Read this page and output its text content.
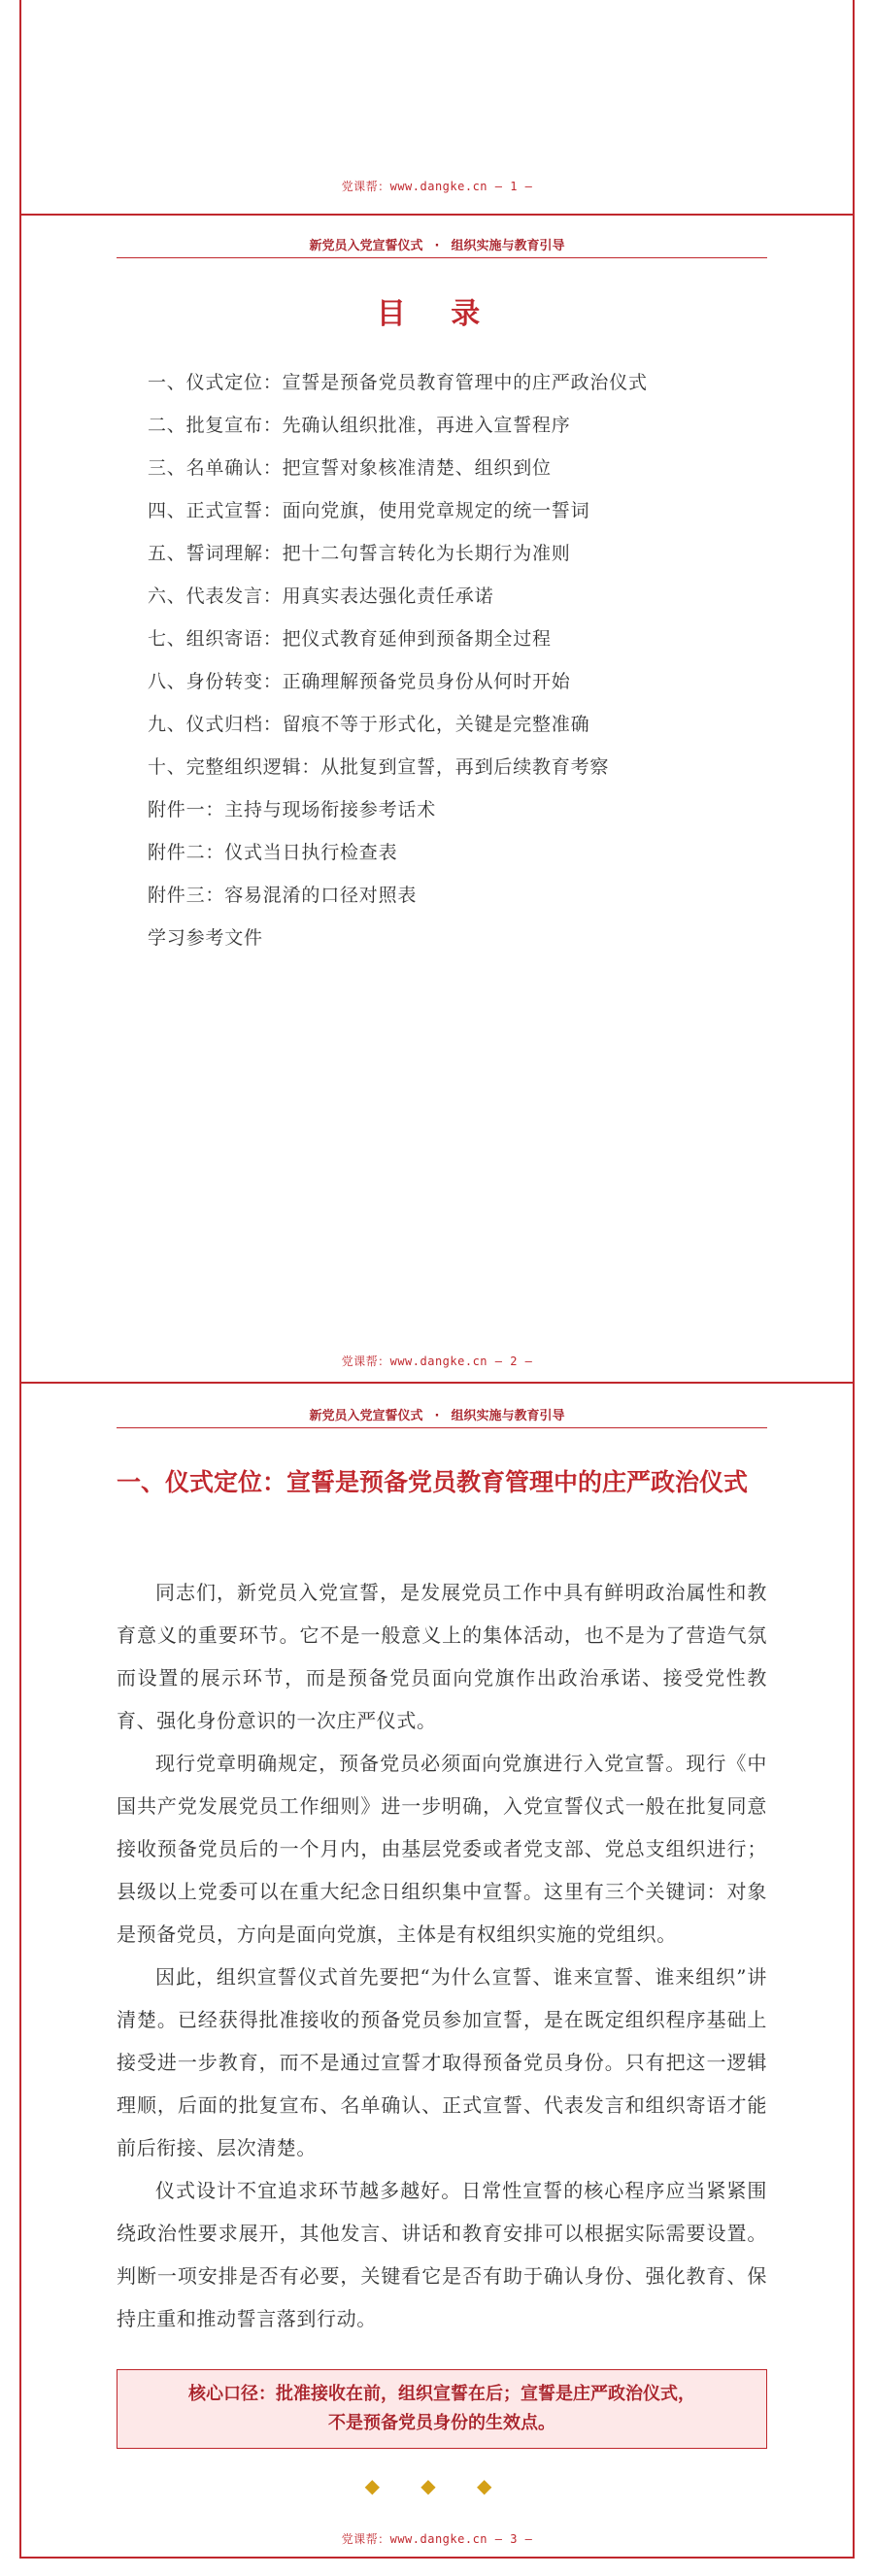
党课帮：www.dangke.cn — 1 —
新党员入党宣誓仪式 · 组织实施与教育引导
目 录
一、仪式定位：宣誓是预备党员教育管理中的庄严政治仪式
二、批复宣布：先确认组织批准，再进入宣誓程序
三、名单确认：把宣誓对象核准清楚、组织到位
四、正式宣誓：面向党旗，使用党章规定的统一誓词
五、誓词理解：把十二句誓言转化为长期行为准则
六、代表发言：用真实表达强化责任承诺
七、组织寄语：把仪式教育延伸到预备期全过程
八、身份转变：正确理解预备党员身份从何时开始
九、仪式归档：留痕不等于形式化，关键是完整准确
十、完整组织逻辑：从批复到宣誓，再到后续教育考察
附件一：主持与现场衔接参考话术
附件二：仪式当日执行检查表
附件三：容易混淆的口径对照表
学习参考文件
党课帮：www.dangke.cn — 2 —
新党员入党宣誓仪式 · 组织实施与教育引导
一、仪式定位：宣誓是预备党员教育管理中的庄严政治仪式

同志们，新党员入党宣誓，是发展党员工作中具有鲜明政治属性和教育意义的重要环节。它不是一般意义上的集体活动，也不是为了营造气氛而设置的展示环节，而是预备党员面向党旗作出政治承诺、接受党性教育、强化身份意识的一次庄严仪式。

现行党章明确规定，预备党员必须面向党旗进行入党宣誓。现行《中国共产党发展党员工作细则》进一步明确，入党宣誓仪式一般在批复同意接收预备党员后的一个月内，由基层党委或者党支部、党总支组织进行；县级以上党委可以在重大纪念日组织集中宣誓。这里有三个关键词：对象是预备党员，方向是面向党旗，主体是有权组织实施的党组织。

因此，组织宣誓仪式首先要把“为什么宣誓、谁来宣誓、谁来组织”讲清楚。已经获得批准接收的预备党员参加宣誓，是在既定组织程序基础上接受进一步教育，而不是通过宣誓才取得预备党员身份。只有把这一逻辑理顺，后面的批复宣布、名单确认、正式宣誓、代表发言和组织寄语才能前后衔接、层次清楚。

仪式设计不宜追求环节越多越好。日常性宣誓的核心程序应当紧紧围绕政治性要求展开，其他发言、讲话和教育安排可以根据实际需要设置。判断一项安排是否有必要，关键看它是否有助于确认身份、强化教育、保持庄重和推动誓言落到行动。

核心口径：批准接收在前，组织宣誓在后；宣誓是庄严政治仪式，
不是预备党员身份的生效点。
◆ ◆ ◆
党课帮：www.dangke.cn — 3 —
